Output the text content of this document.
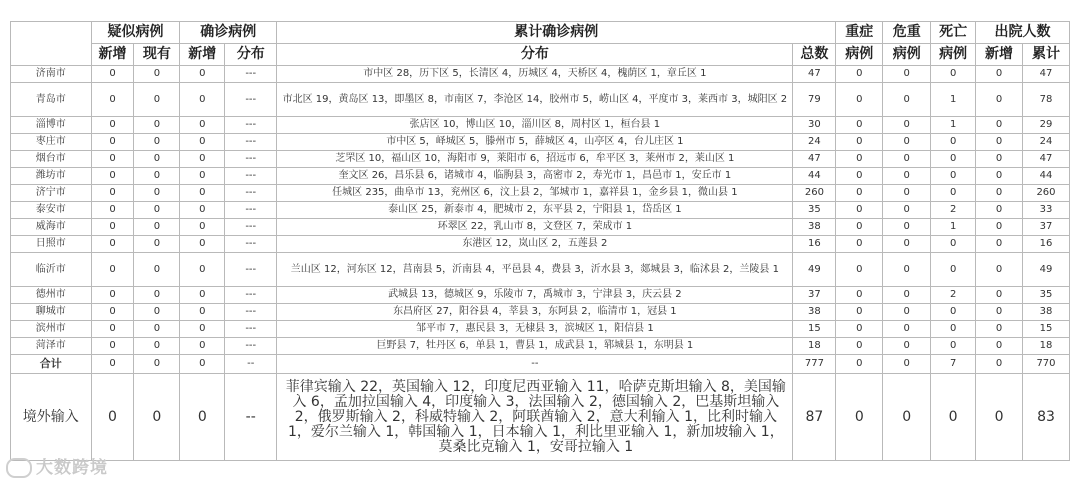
	疑似病例		确诊病例		累计确诊病例		重症	危重	死亡	出院人数	
	新增	现有	新增	分布	分布	总数	病例	病例	病例	新增	累计
济南市	0	0	0	---	市中区 28，历下区 5，长清区 4，历城区 4，天桥区 4，槐荫区 1，章丘区 1	47	0	0	0	0	47
青岛市	0	0	0	---	市北区 19，黄岛区 13，即墨区 8，市南区 7，李沧区 14，胶州市 5，崂山区 4，平度市 3，莱西市 3，城阳区 2	79	0	0	1	0	78
淄博市	0	0	0	---	张店区 10，博山区 10，淄川区 8，周村区 1，桓台县 1	30	0	0	1	0	29
枣庄市	0	0	0	---	市中区 5，峄城区 5，滕州市 5，薛城区 4，山亭区 4，台儿庄区 1	24	0	0	0	0	24
烟台市	0	0	0	---	芝罘区 10，福山区 10，海阳市 9，莱阳市 6，招远市 6，牟平区 3，莱州市 2，莱山区 1	47	0	0	0	0	47
潍坊市	0	0	0	---	奎文区 26，昌乐县 6，诸城市 4，临朐县 3，高密市 2，寿光市 1，昌邑市 1，安丘市 1	44	0	0	0	0	44
济宁市	0	0	0	---	任城区 235，曲阜市 13，兖州区 6，汶上县 2，邹城市 1，嘉祥县 1，金乡县 1，微山县 1	260	0	0	0	0	260
泰安市	0	0	0	---	泰山区 25，新泰市 4，肥城市 2，东平县 2，宁阳县 1，岱岳区 1	35	0	0	2	0	33
威海市	0	0	0	---	环翠区 22，乳山市 8，文登区 7，荣成市 1	38	0	0	1	0	37
日照市	0	0	0	---	东港区 12，岚山区 2，五莲县 2	16	0	0	0	0	16
临沂市	0	0	0	---	兰山区 12，河东区 12，莒南县 5，沂南县 4，平邑县 4，费县 3，沂水县 3，郯城县 3，临沭县 2，兰陵县 1	49	0	0	0	0	49
德州市	0	0	0	---	武城县 13，德城区 9，乐陵市 7，禹城市 3，宁津县 3，庆云县 2	37	0	0	2	0	35
聊城市	0	0	0	---	东昌府区 27，阳谷县 4，莘县 3，东阿县 2，临清市 1，冠县 1	38	0	0	0	0	38
滨州市	0	0	0	---	邹平市 7，惠民县 3，无棣县 3，滨城区 1，阳信县 1	15	0	0	0	0	15
菏泽市	0	0	0	---	巨野县 7，牡丹区 6，单县 1，曹县 1，成武县 1，郓城县 1，东明县 1	18	0	0	0	0	18
合计	0	0	0	--	--	777	0	0	7	0	770
境外输入	0	0	0	--	菲律宾输入 22，英国输入 12，印度尼西亚输入 11，哈萨克斯坦输入 8，美国输入 6，孟加拉国输入 4，印度输入 3，法国输入 2，德国输入 2，巴基斯坦输入 2，俄罗斯输入 2，科威特输入 2，阿联酋输入 2，意大利输入 1，比利时输入 1，爱尔兰输入 1，韩国输入 1，日本输入 1，利比里亚输入 1，新加坡输入 1，莫桑比克输入 1，安哥拉输入 1	87	0	0	0	0	83
大数跨境
